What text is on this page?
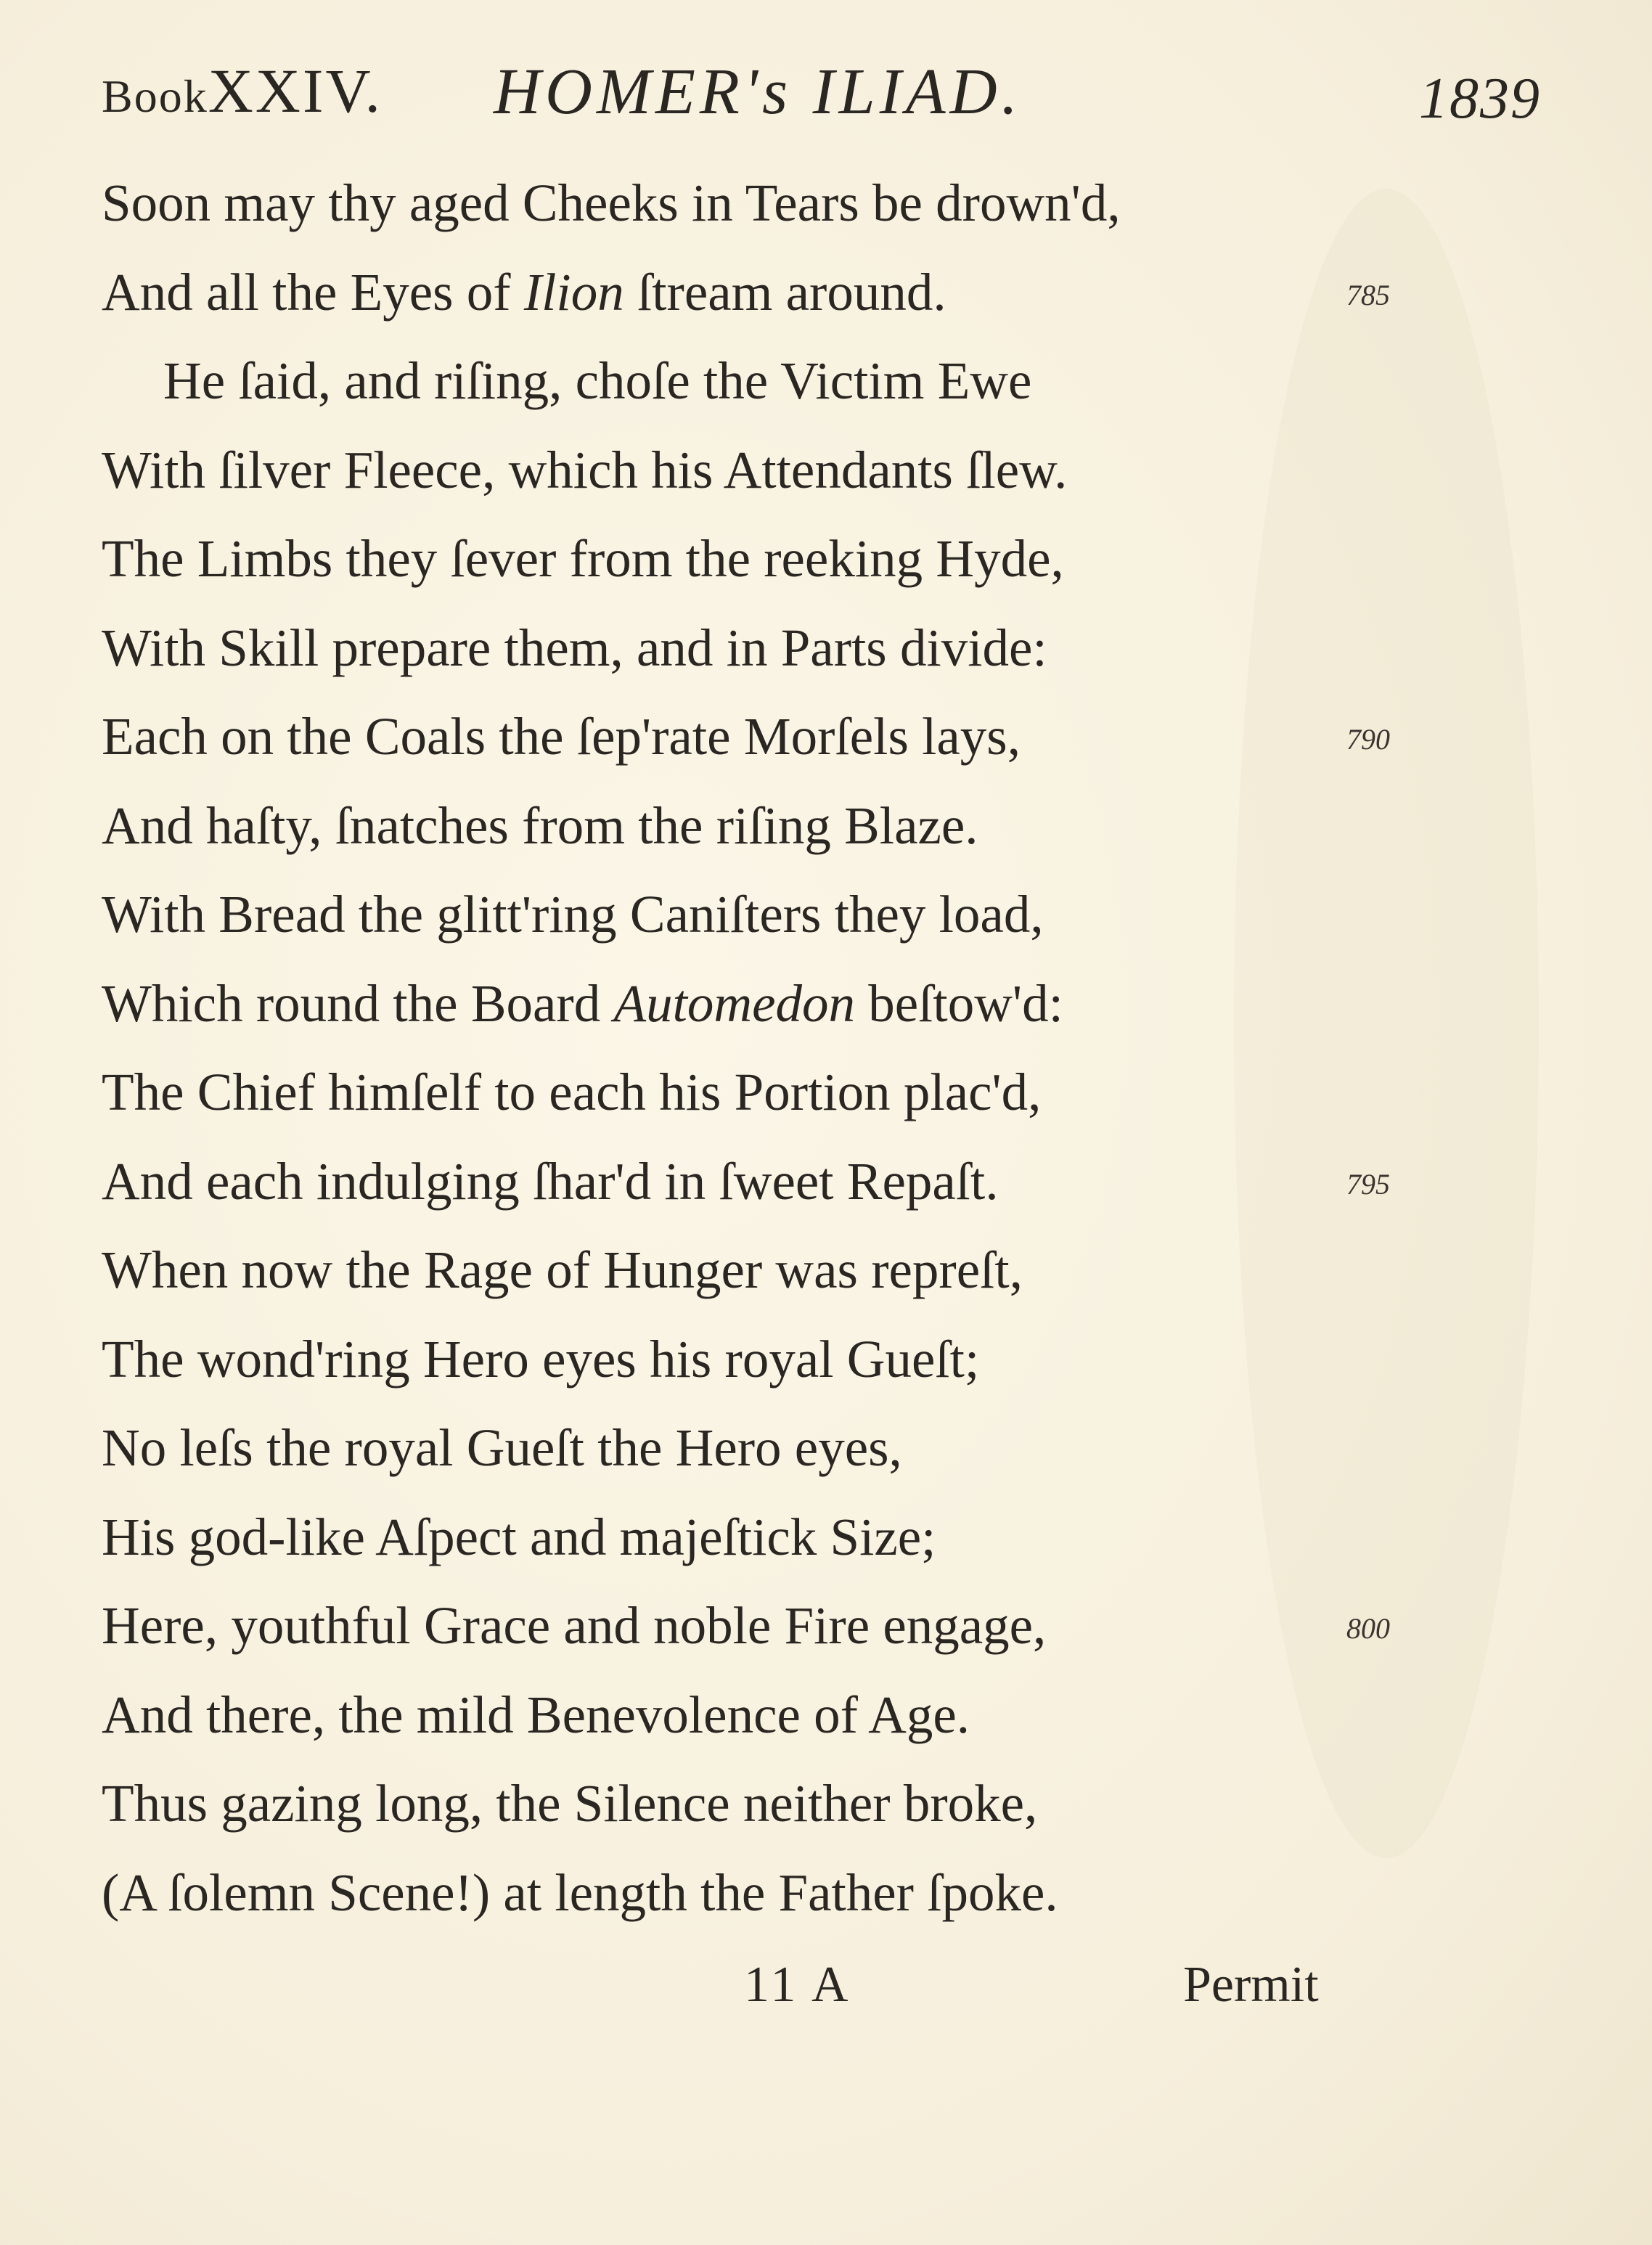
BookXXIV. HOMER's ILIAD.	1839
Soon may thy aged Cheeks in Tears be drown'd,
And all the Eyes of Ilion ſtream around.	785
He ſaid, and riſing, choſe the Victim Ewe
With ſilver Fleece, which his Attendants ſlew.
The Limbs they ſever from the reeking Hyde,
With Skill prepare them, and in Parts divide:
Each on the Coals the ſep'rate Morſels lays,	790
And haſty, ſnatches from the riſing Blaze.
With Bread the glitt'ring Caniſters they load,
Which round the Board Automedon beſtow'd:
The Chief himſelf to each his Portion plac'd,
And each indulging ſhar'd in ſweet Repaſt.	795
When now the Rage of Hunger was repreſt,
The wond'ring Hero eyes his royal Gueſt;
No leſs the royal Gueſt the Hero eyes,
His god-like Aſpect and majeſtick Size;
Here, youthful Grace and noble Fire engage,	800
And there, the mild Benevolence of Age.
Thus gazing long, the Silence neither broke,
(A ſolemn Scene!) at length the Father ſpoke.
11 A	Permit
